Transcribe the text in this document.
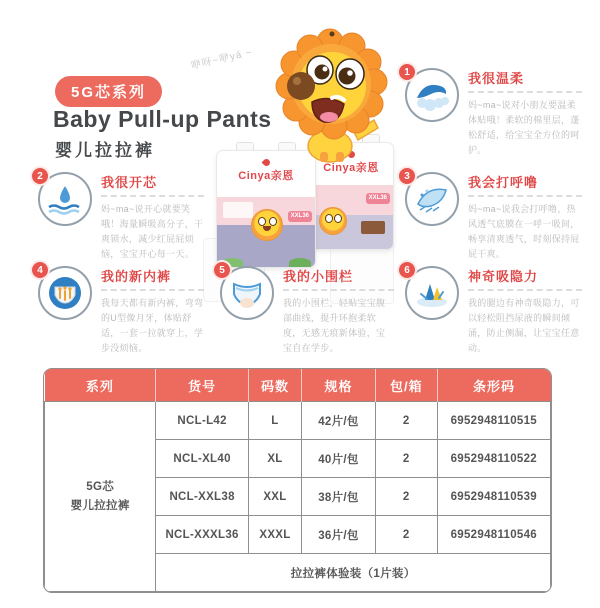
5G芯系列
Baby Pull-up Pants
婴儿拉拉裤
咿呀~咿yá ~
Cinya亲恩
XXL36
Cinya亲恩
XXL36
1	我很温柔
妈~ma~说对小朋友要温柔体贴哦！柔软的棉里层，蓬松舒适，给宝宝全方位的呵护。
2	我很开芯
妈~ma~说开心就要笑哦！海量瞬吸高分子，干爽锁水，减少红屁屁烦恼，宝宝开心每一天。
3	我会打呼噜
妈~ma~说我会打呼噜，热风透气底膜在一呼一吸间，畅享清爽透气，时刻保持屁屁干爽。
4	我的新内裤
我每天都有新内裤，弯弯的U型像月牙，体贴舒适，一套一拉就穿上，学步没烦恼。
5	我的小围栏
我的小围栏，轻贴宝宝腹部曲线，提升环抱柔软度，无感无痕新体验，宝宝自在学步。
6	神奇吸隐力
我的腿边有神奇吸隐力，可以轻松阻挡尿液的瞬间倾涌，防止侧漏，让宝宝任意动。
系列	货号	码数	规格	包/箱	条形码

5G芯
婴儿拉拉裤	NCL-L42	L	42片/包	2	6952948110515
	NCL-XL40	XL	40片/包	2	6952948110522
	NCL-XXL38	XXL	38片/包	2	6952948110539
	NCL-XXXL36	XXXL	36片/包	2	6952948110546
	拉拉裤体验装（1片装）				
